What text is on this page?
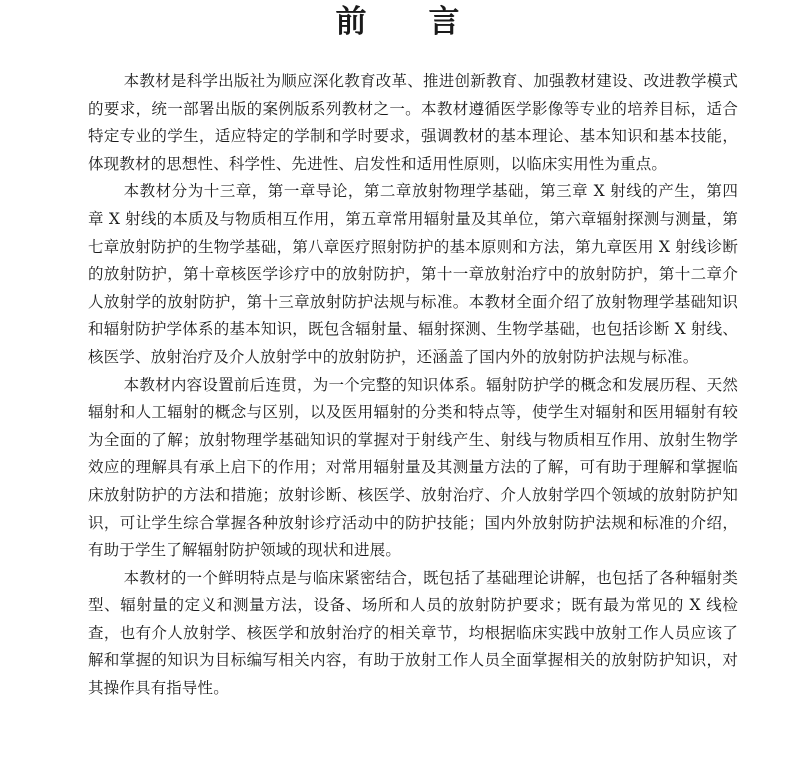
前 言

本教材是科学出版社为顺应深化教育改革、推进创新教育、加强教材建设、改进教学模式的要求，统一部署出版的案例版系列教材之一。本教材遵循医学影像等专业的培养目标，适合特定专业的学生，适应特定的学制和学时要求，强调教材的基本理论、基本知识和基本技能，体现教材的思想性、科学性、先进性、启发性和适用性原则，以临床实用性为重点。

本教材分为十三章，第一章导论，第二章放射物理学基础，第三章 X 射线的产生，第四章 X 射线的本质及与物质相互作用，第五章常用辐射量及其单位，第六章辐射探测与测量，第七章放射防护的生物学基础，第八章医疗照射防护的基本原则和方法，第九章医用 X 射线诊断的放射防护，第十章核医学诊疗中的放射防护，第十一章放射治疗中的放射防护，第十二章介人放射学的放射防护，第十三章放射防护法规与标准。本教材全面介绍了放射物理学基础知识和辐射防护学体系的基本知识，既包含辐射量、辐射探测、生物学基础，也包括诊断 X 射线、核医学、放射治疗及介人放射学中的放射防护，还涵盖了国内外的放射防护法规与标准。

本教材内容设置前后连贯，为一个完整的知识体系。辐射防护学的概念和发展历程、天然辐射和人工辐射的概念与区别，以及医用辐射的分类和特点等，使学生对辐射和医用辐射有较为全面的了解；放射物理学基础知识的掌握对于射线产生、射线与物质相互作用、放射生物学效应的理解具有承上启下的作用；对常用辐射量及其测量方法的了解，可有助于理解和掌握临床放射防护的方法和措施；放射诊断、核医学、放射治疗、介人放射学四个领域的放射防护知识，可让学生综合掌握各种放射诊疗活动中的防护技能；国内外放射防护法规和标准的介绍，有助于学生了解辐射防护领域的现状和进展。

本教材的一个鲜明特点是与临床紧密结合，既包括了基础理论讲解，也包括了各种辐射类型、辐射量的定义和测量方法，设备、场所和人员的放射防护要求；既有最为常见的 X 线检查，也有介人放射学、核医学和放射治疗的相关章节，均根据临床实践中放射工作人员应该了解和掌握的知识为目标编写相关内容，有助于放射工作人员全面掌握相关的放射防护知识，对其操作具有指导性。
